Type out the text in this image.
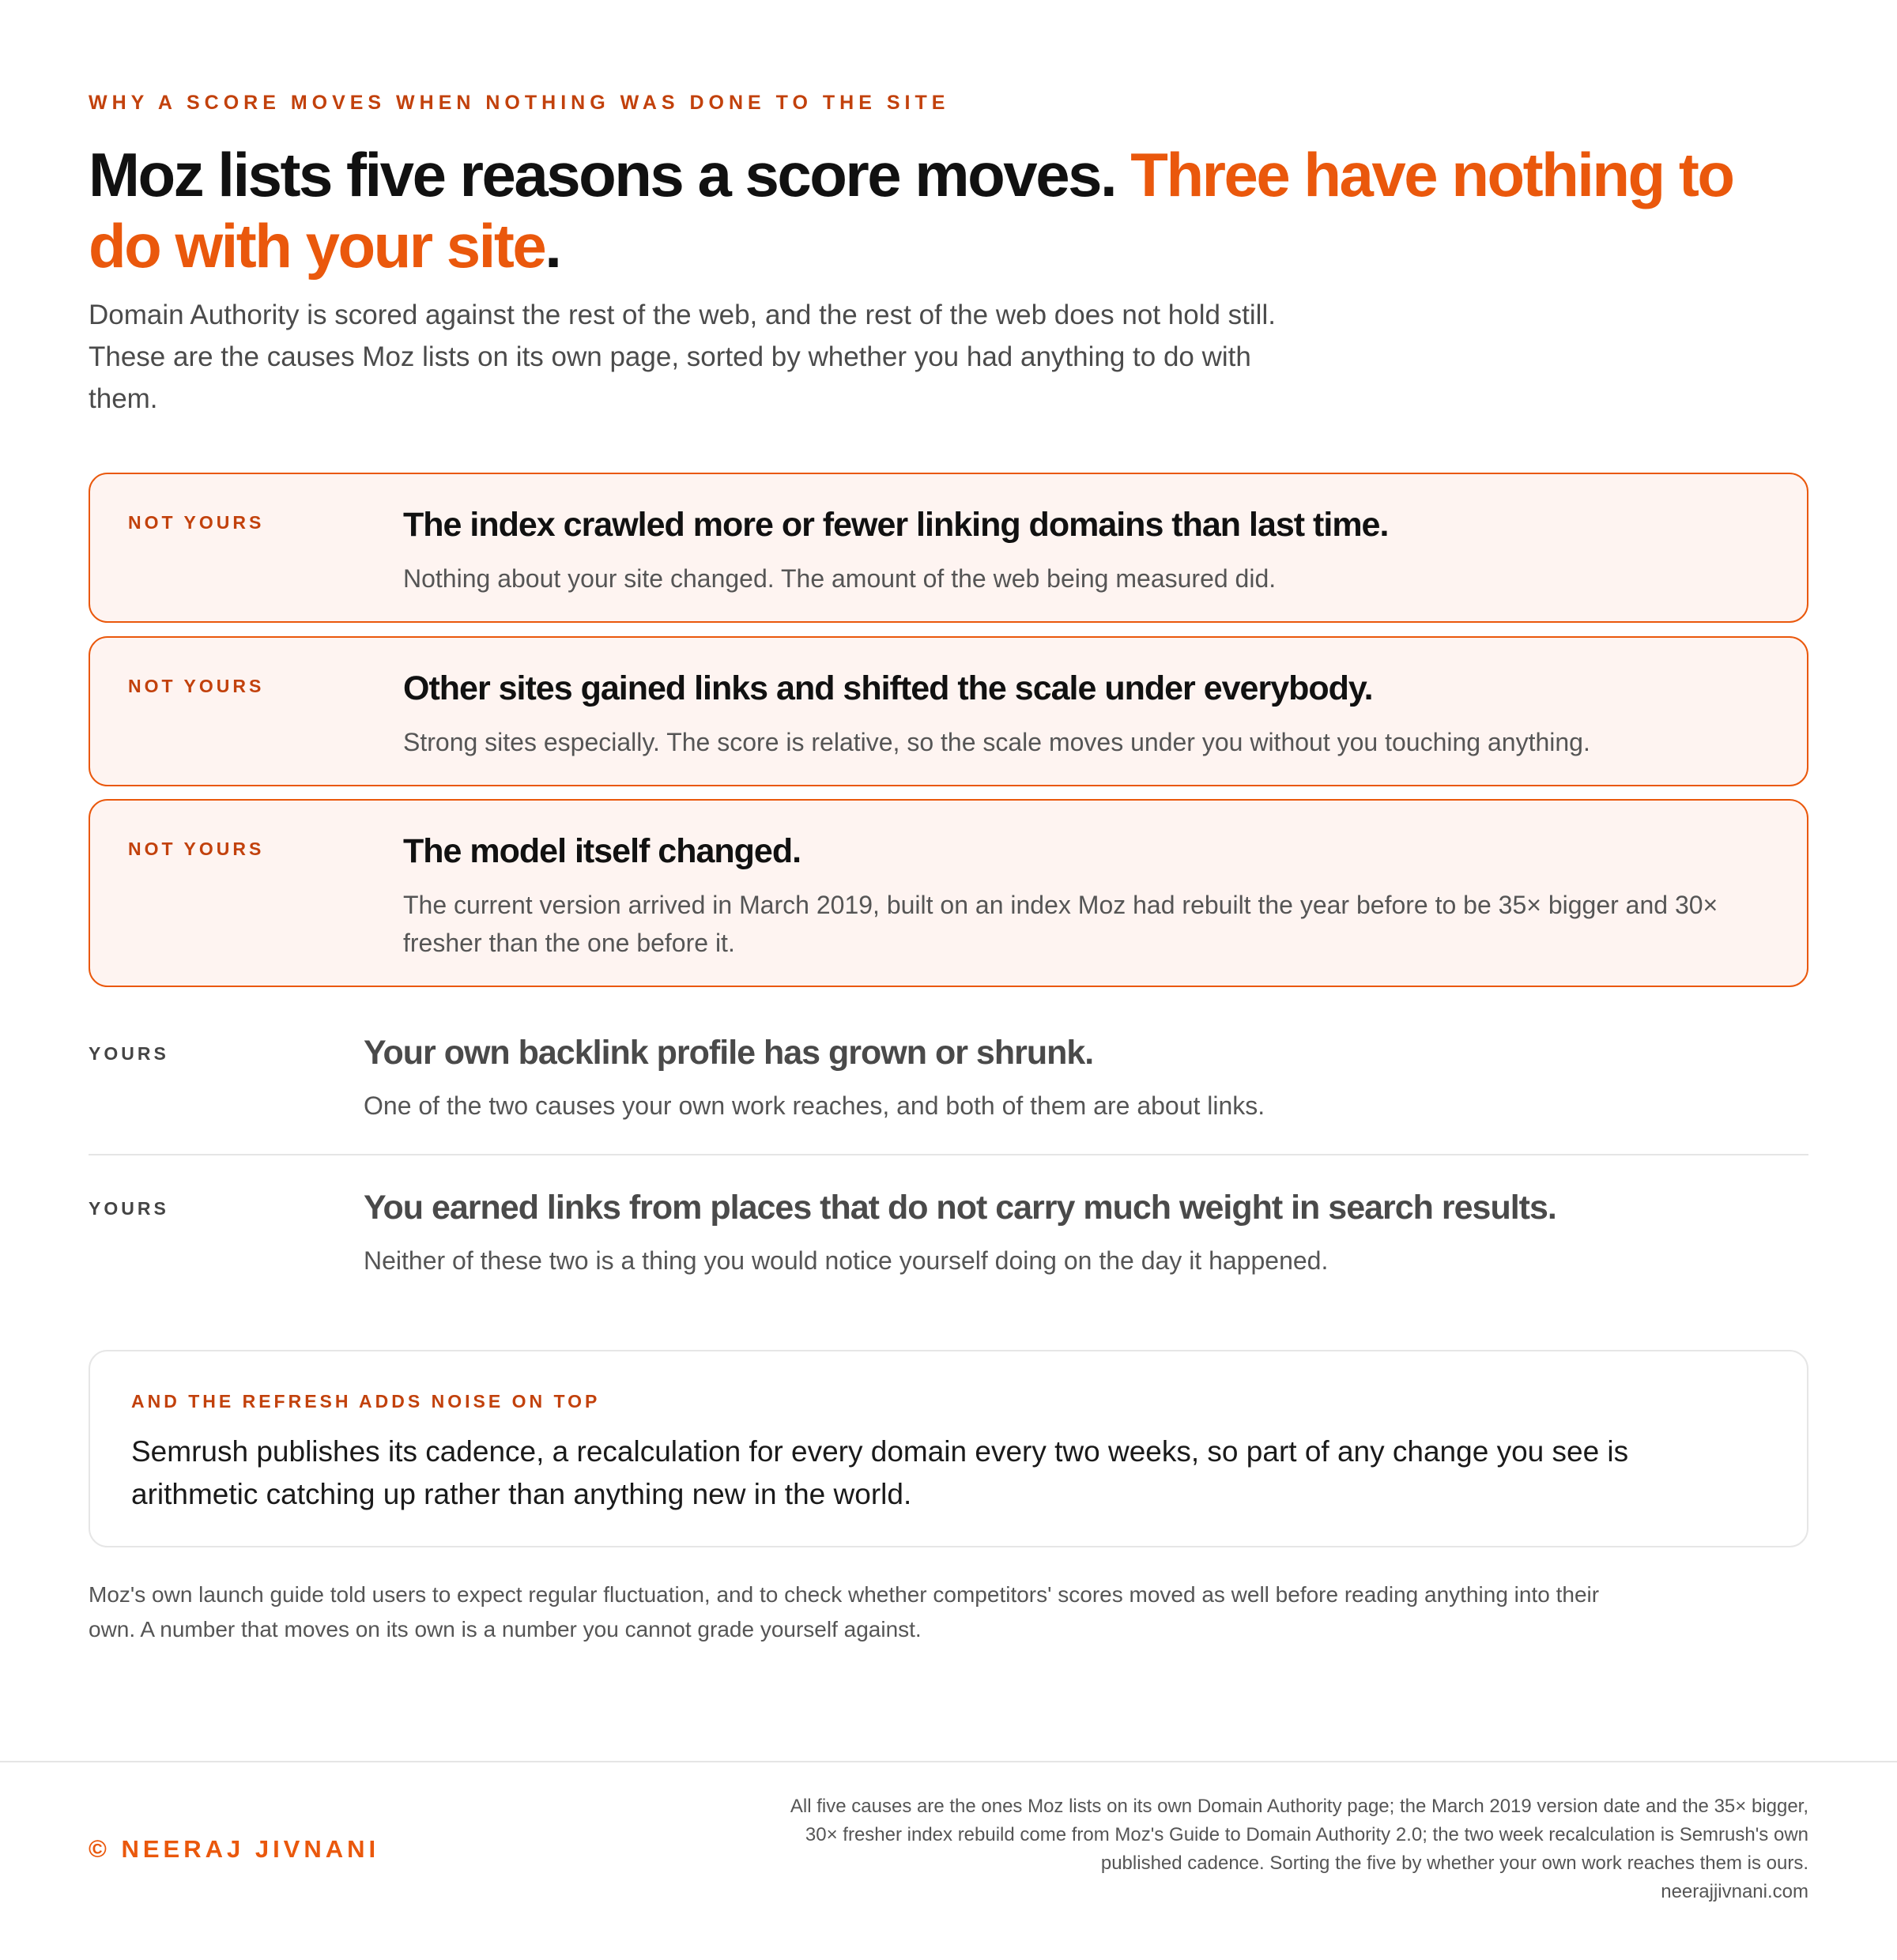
WHY A SCORE MOVES WHEN NOTHING WAS DONE TO THE SITE
Moz lists five reasons a score moves. Three have nothing to do with your site.

Domain Authority is scored against the rest of the web, and the rest of the web does not hold still. These are the causes Moz lists on its own page, sorted by whether you had anything to do with them.

NOT YOURS	The index crawled more or fewer linking domains than last time.
Nothing about your site changed. The amount of the web being measured did.
NOT YOURS	Other sites gained links and shifted the scale under everybody.
Strong sites especially. The score is relative, so the scale moves under you without you touching anything.
NOT YOURS	The model itself changed.
The current version arrived in March 2019, built on an index Moz had rebuilt the year before to be 35× bigger and 30× fresher than the one before it.
YOURS	Your own backlink profile has grown or shrunk.
One of the two causes your own work reaches, and both of them are about links.
YOURS	You earned links from places that do not carry much weight in search results.
Neither of these two is a thing you would notice yourself doing on the day it happened.
AND THE REFRESH ADDS NOISE ON TOP

Semrush publishes its cadence, a recalculation for every domain every two weeks, so part of any change you see is arithmetic catching up rather than anything new in the world.

Moz's own launch guide told users to expect regular fluctuation, and to check whether competitors' scores moved as well before reading anything into their own. A number that moves on its own is a number you cannot grade yourself against.

© NEERAJ JIVNANI
All five causes are the ones Moz lists on its own Domain Authority page; the March 2019 version date and the 35× bigger,
30× fresher index rebuild come from Moz's Guide to Domain Authority 2.0; the two week recalculation is Semrush's own
published cadence. Sorting the five by whether your own work reaches them is ours.
neerajjivnani.com
